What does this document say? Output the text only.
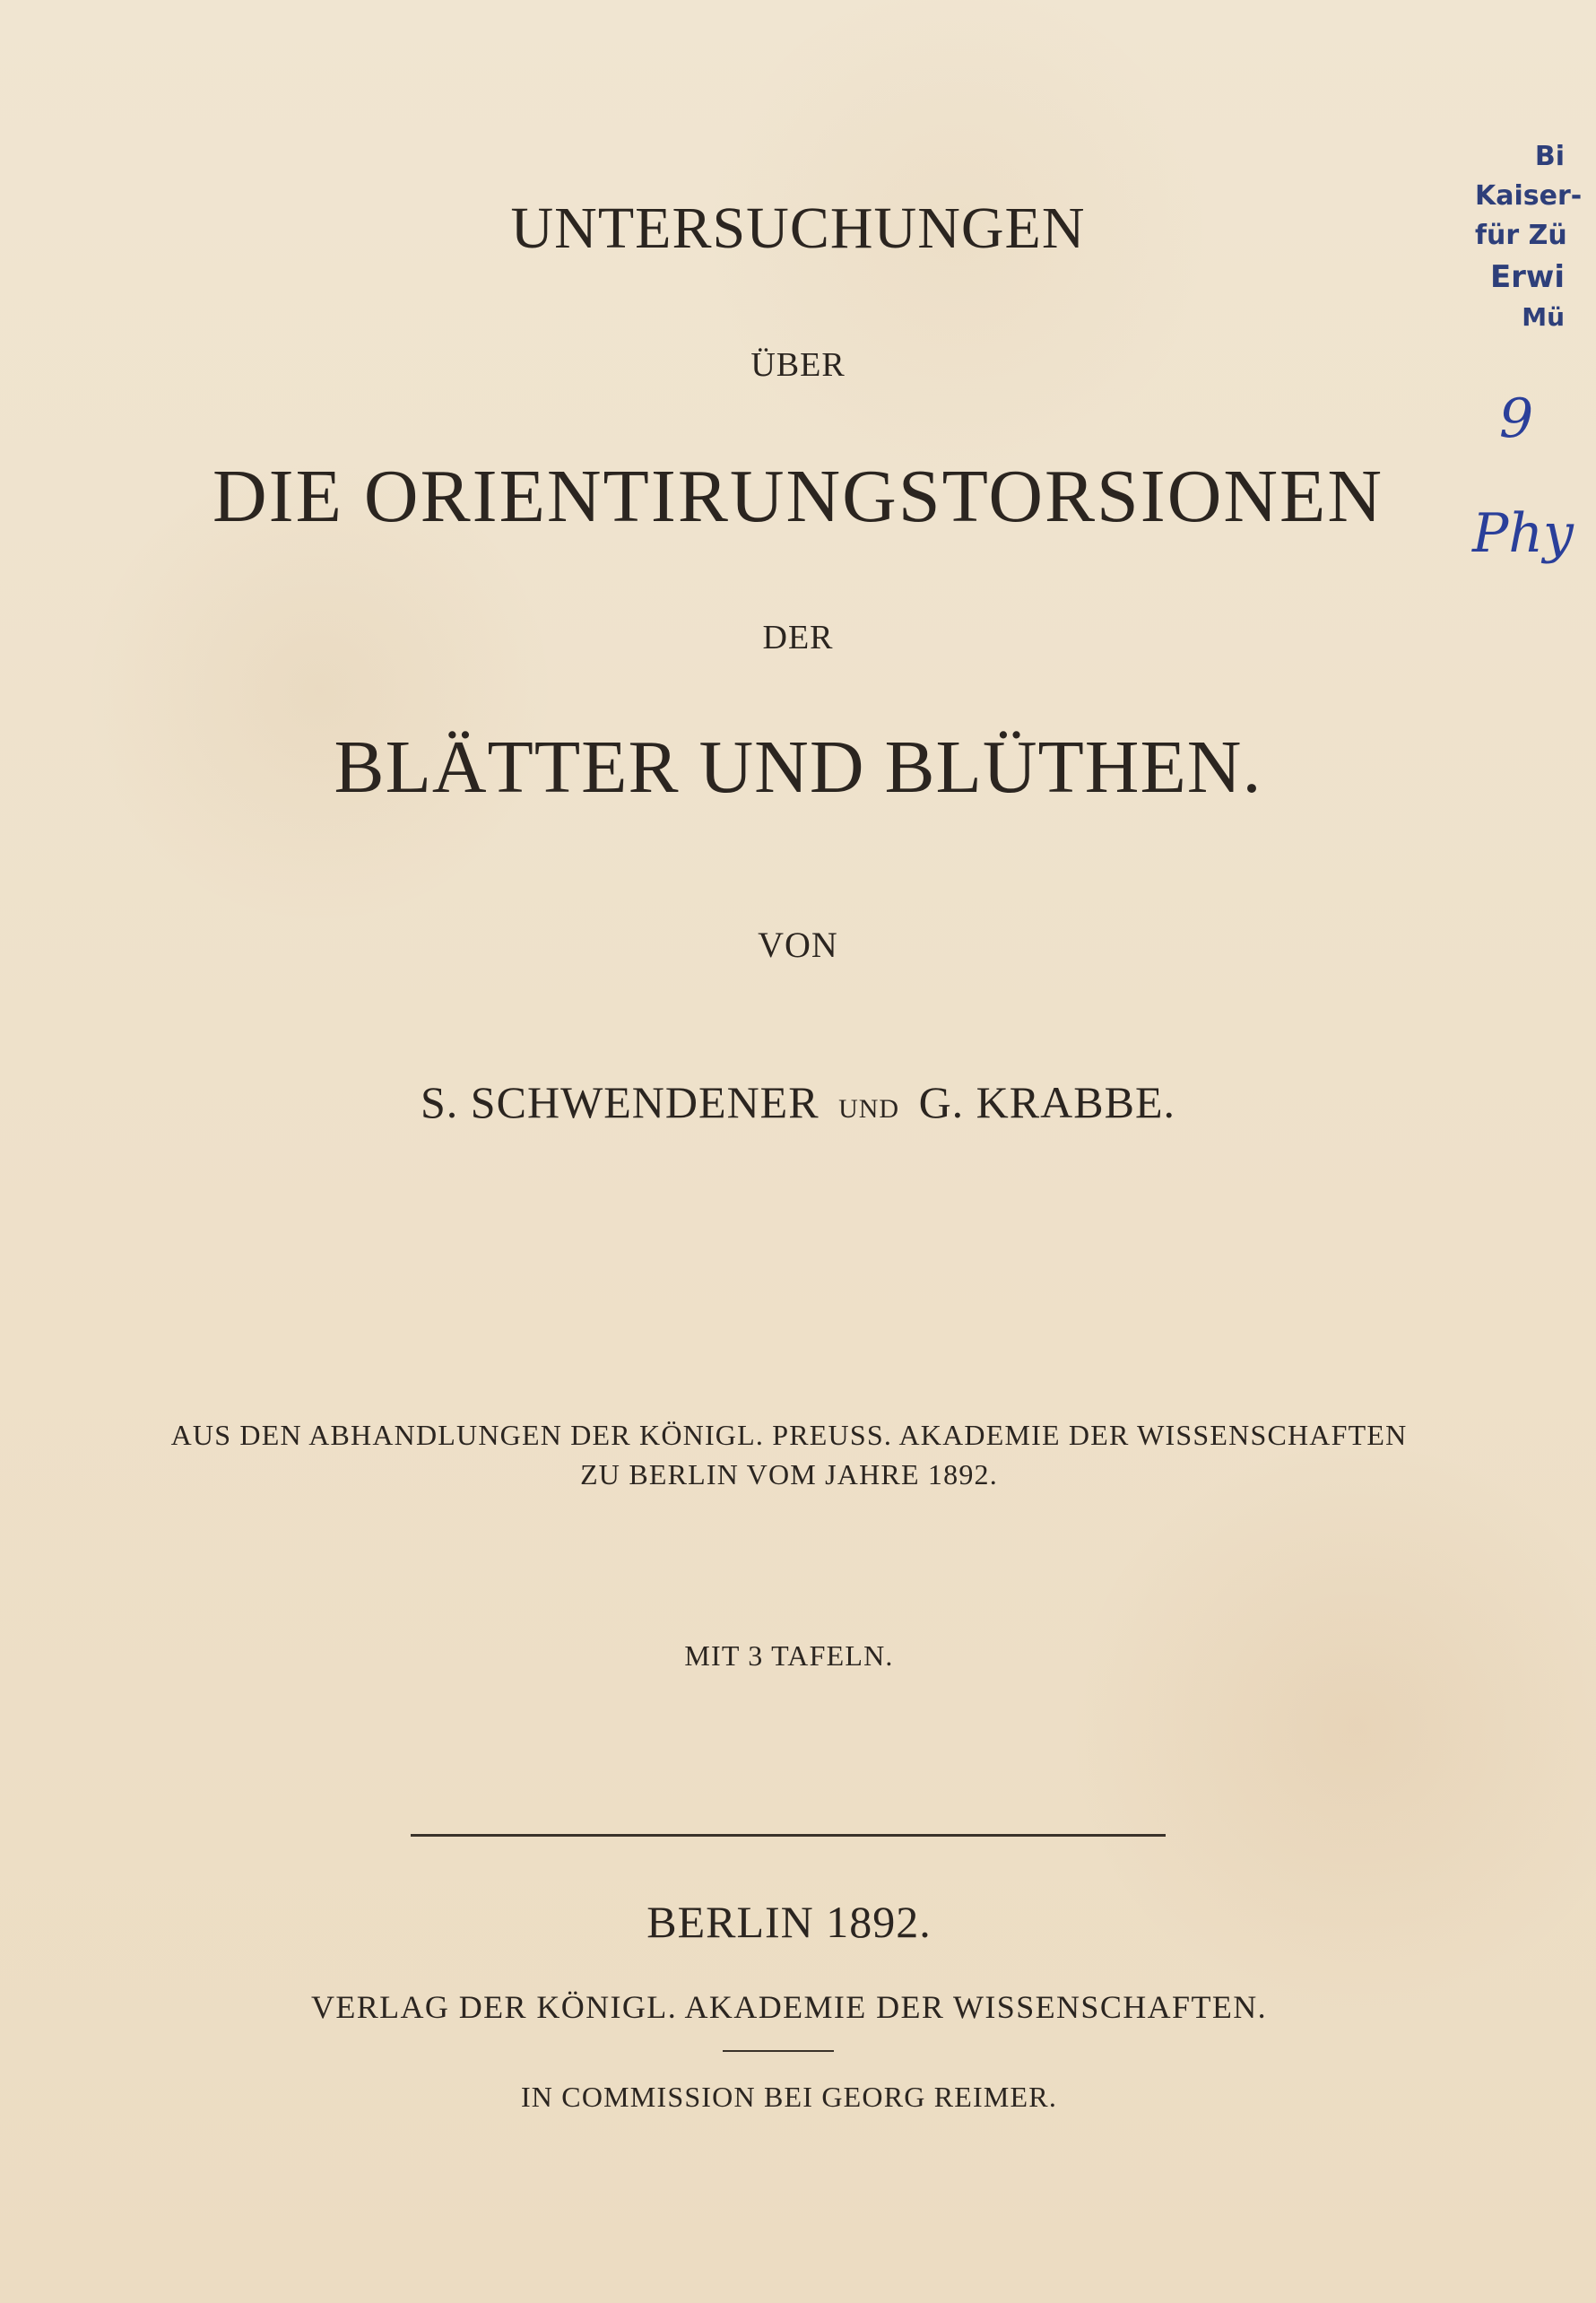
UNTERSUCHUNGEN
ÜBER
DIE ORIENTIRUNGSTORSIONEN
DER
BLÄTTER UND BLÜTHEN.
VON
S. SCHWENDENER UND G. KRABBE.
AUS DEN ABHANDLUNGEN DER KÖNIGL. PREUSS. AKADEMIE DER WISSENSCHAFTEN
ZU BERLIN VOM JAHRE 1892.
MIT 3 TAFELN.
BERLIN 1892.
VERLAG DER KÖNIGL. AKADEMIE DER WISSENSCHAFTEN.
IN COMMISSION BEI GEORG REIMER.
Bi
Kaiser-
für Zü
Erwi
Mü
9
Phy
